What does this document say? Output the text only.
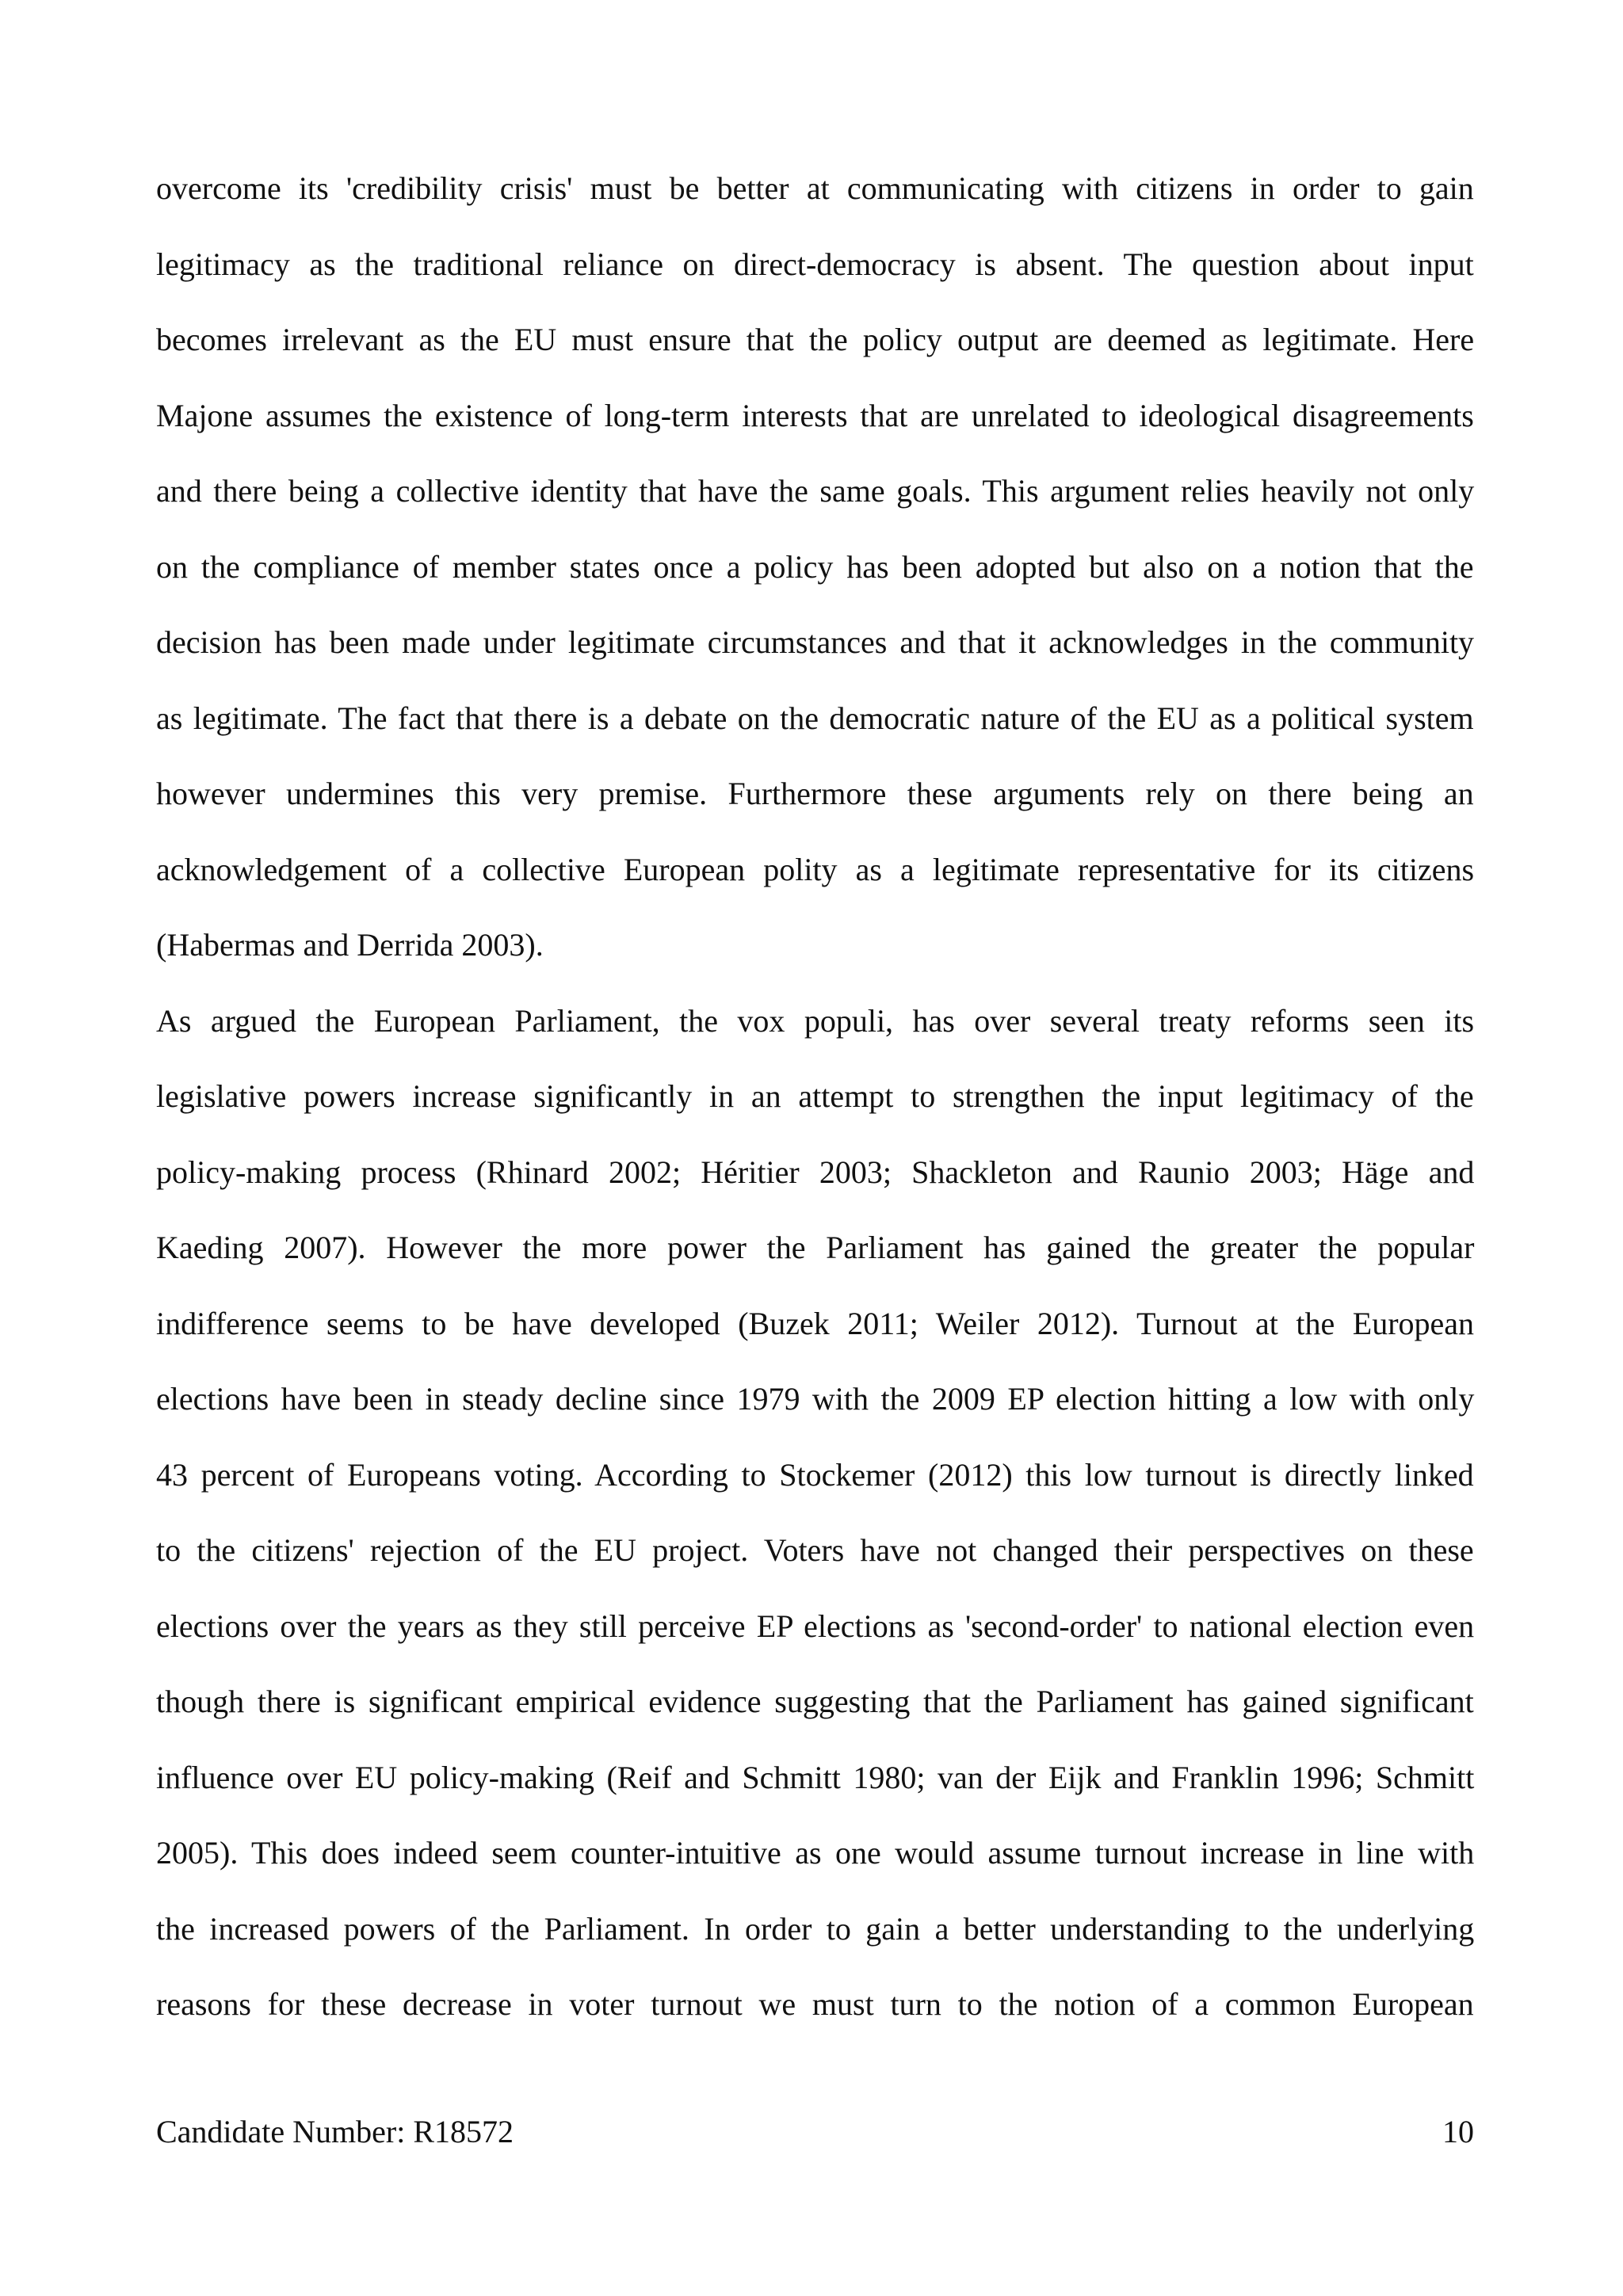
overcome its 'credibility crisis' must be better at communicating with citizens in order to gain
legitimacy as the traditional reliance on direct-democracy is absent. The question about input
becomes irrelevant as the EU must ensure that the policy output are deemed as legitimate. Here
Majone assumes the existence of long-term interests that are unrelated to ideological disagreements
and there being a collective identity that have the same goals. This argument relies heavily not only
on the compliance of member states once a policy has been adopted but also on a notion that the
decision has been made under legitimate circumstances and that it acknowledges in the community
as legitimate. The fact that there is a debate on the democratic nature of the EU as a political system
however undermines this very premise. Furthermore these arguments rely on there being an
acknowledgement of a collective European polity as a legitimate representative for its citizens
(Habermas and Derrida 2003).

As argued the European Parliament, the vox populi, has over several treaty reforms seen its
legislative powers increase significantly in an attempt to strengthen the input legitimacy of the
policy-making process (Rhinard 2002; Héritier 2003; Shackleton and Raunio 2003; Häge and
Kaeding 2007). However the more power the Parliament has gained the greater the popular
indifference seems to be have developed (Buzek 2011; Weiler 2012). Turnout at the European
elections have been in steady decline since 1979 with the 2009 EP election hitting a low with only
43 percent of Europeans voting. According to Stockemer (2012) this low turnout is directly linked
to the citizens' rejection of the EU project. Voters have not changed their perspectives on these
elections over the years as they still perceive EP elections as 'second-order' to national election even
though there is significant empirical evidence suggesting that the Parliament has gained significant
influence over EU policy-making (Reif and Schmitt 1980; van der Eijk and Franklin 1996; Schmitt
2005). This does indeed seem counter-intuitive as one would assume turnout increase in line with
the increased powers of the Parliament. In order to gain a better understanding to the underlying
reasons for these decrease in voter turnout we must turn to the notion of a common European

Candidate Number: R18572	10
